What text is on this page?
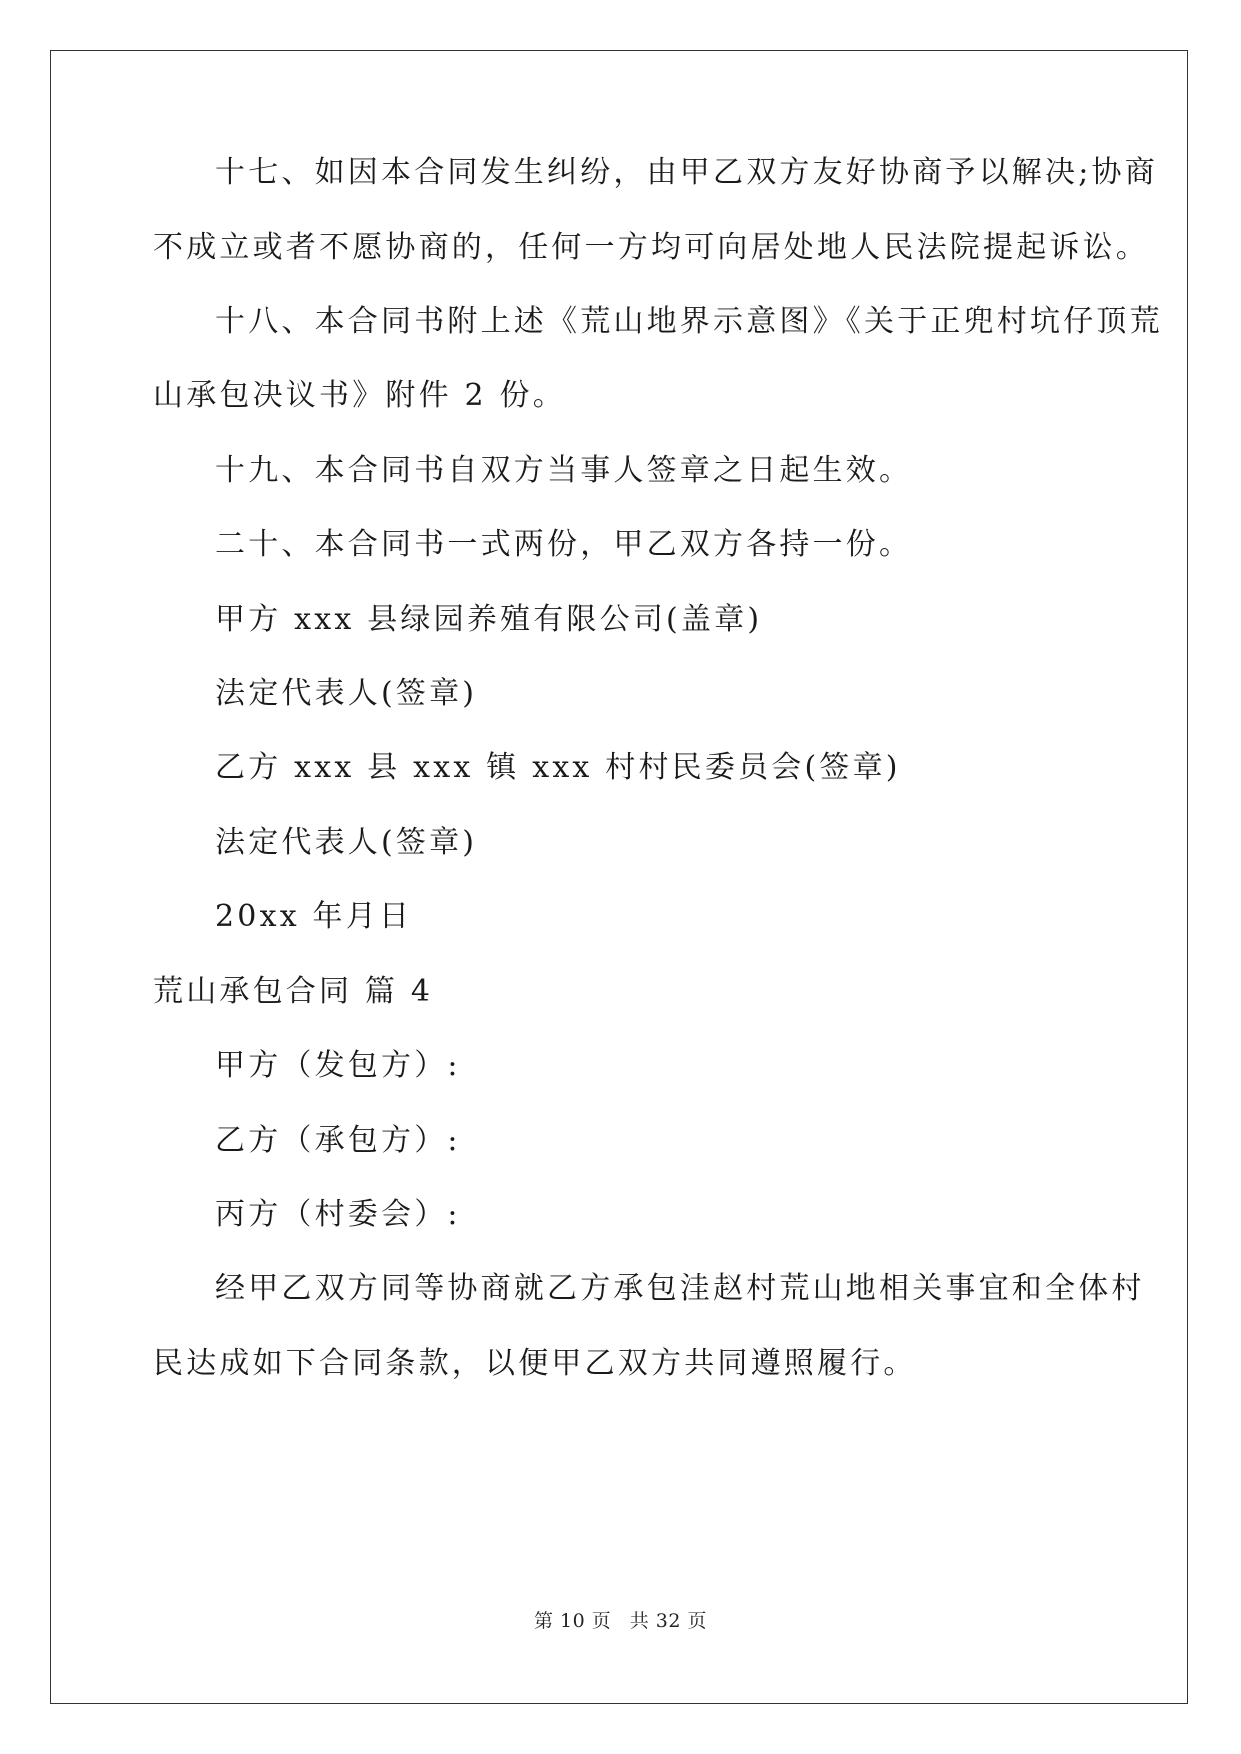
十七、如因本合同发生纠纷，由甲乙双方友好协商予以解决;协商
不成立或者不愿协商的，任何一方均可向居处地人民法院提起诉讼。
十八、本合同书附上述《荒山地界示意图》《关于正兜村坑仔顶荒
山承包决议书》附件 2 份。
十九、本合同书自双方当事人签章之日起生效。
二十、本合同书一式两份，甲乙双方各持一份。
甲方 xxx 县绿园养殖有限公司(盖章)
法定代表人(签章)
乙方 xxx 县 xxx 镇 xxx 村村民委员会(签章)
法定代表人(签章)
20xx 年月日
荒山承包合同 篇 4
甲方（发包方）:
乙方（承包方）:
丙方（村委会）:
经甲乙双方同等协商就乙方承包洼赵村荒山地相关事宜和全体村
民达成如下合同条款，以便甲乙双方共同遵照履行。
第 10 页 共 32 页
